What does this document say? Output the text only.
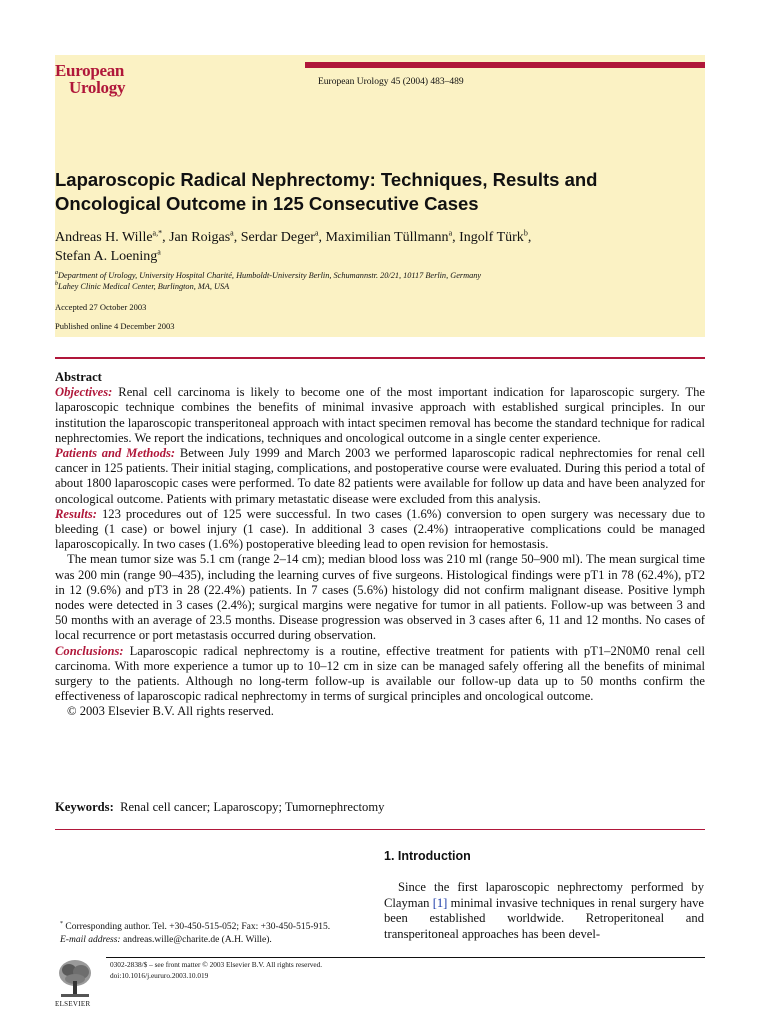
European
Urology	European Urology 45 (2004) 483–489
Laparoscopic Radical Nephrectomy: Techniques, Results and Oncological Outcome in 125 Consecutive Cases
Andreas H. Wille$^{a,*}$, Jan Roigas$^a$, Serdar Deger$^a$, Maximilian Tüllmann$^a$, Ingolf Türk$^b$,
Stefan A. Loening$^a$
$^a$Department of Urology, University Hospital Charité, Humboldt-University Berlin, Schumannstr. 20/21, 10117 Berlin, Germany
$^b$Lahey Clinic Medical Center, Burlington, MA, USA
Accepted 27 October 2003
Published online 4 December 2003
Abstract

Objectives: Renal cell carcinoma is likely to become one of the most important indication for laparoscopic surgery. The laparoscopic technique combines the benefits of minimal invasive approach with established surgical principles. In our institution the laparoscopic transperitoneal approach with intact specimen removal has become the standard technique for radical nephrectomies. We report the indications, techniques and oncological outcome in a single center experience.

Patients and Methods: Between July 1999 and March 2003 we performed laparoscopic radical nephrectomies for renal cell cancer in 125 patients. Their initial staging, complications, and postoperative course were evaluated. During this period a total of about 1800 laparoscopic cases were performed. To date 82 patients were available for follow up data and have been analyzed for oncological outcome. Patients with primary metastatic disease were excluded from this analysis.

Results: 123 procedures out of 125 were successful. In two cases (1.6%) conversion to open surgery was necessary due to bleeding (1 case) or bowel injury (1 case). In additional 3 cases (2.4%) intraoperative complications could be managed laparoscopically. In two cases (1.6%) postoperative bleeding lead to open revision for hemostasis.

The mean tumor size was 5.1 cm (range 2–14 cm); median blood loss was 210 ml (range 50–900 ml). The mean surgical time was 200 min (range 90–435), including the learning curves of five surgeons. Histological findings were pT1 in 78 (62.4%), pT2 in 12 (9.6%) and pT3 in 28 (22.4%) patients. In 7 cases (5.6%) histology did not confirm malignant disease. Positive lymph nodes were detected in 3 cases (2.4%); surgical margins were negative for tumor in all patients. Follow-up was between 3 and 50 months with an average of 23.5 months. Disease progression was observed in 3 cases after 6, 11 and 12 months. No cases of local recurrence or port metastasis occurred during observation.

Conclusions: Laparoscopic radical nephrectomy is a routine, effective treatment for patients with pT1–2N0M0 renal cell carcinoma. With more experience a tumor up to 10–12 cm in size can be managed safely offering all the benefits of minimal surgery to the patients. Although no long-term follow-up is available our follow-up data up to 50 months confirm the effectiveness of laparoscopic radical nephrectomy in terms of surgical principles and oncological outcome.

© 2003 Elsevier B.V. All rights reserved.

Keywords: Renal cell cancer; Laparoscopy; Tumornephrectomy
1. Introduction

Since the first laparoscopic nephrectomy performed by Clayman [1] minimal invasive techniques in renal surgery have been established worldwide. Retroperitoneal and transperitoneal approaches has been devel-

* Corresponding author. Tel. +30-450-515-052; Fax: +30-450-515-915.
E-mail address: andreas.wille@charite.de (A.H. Wille).
0302-2838/$ – see front matter © 2003 Elsevier B.V. All rights reserved.
doi:10.1016/j.eururo.2003.10.019
ELSEVIER
